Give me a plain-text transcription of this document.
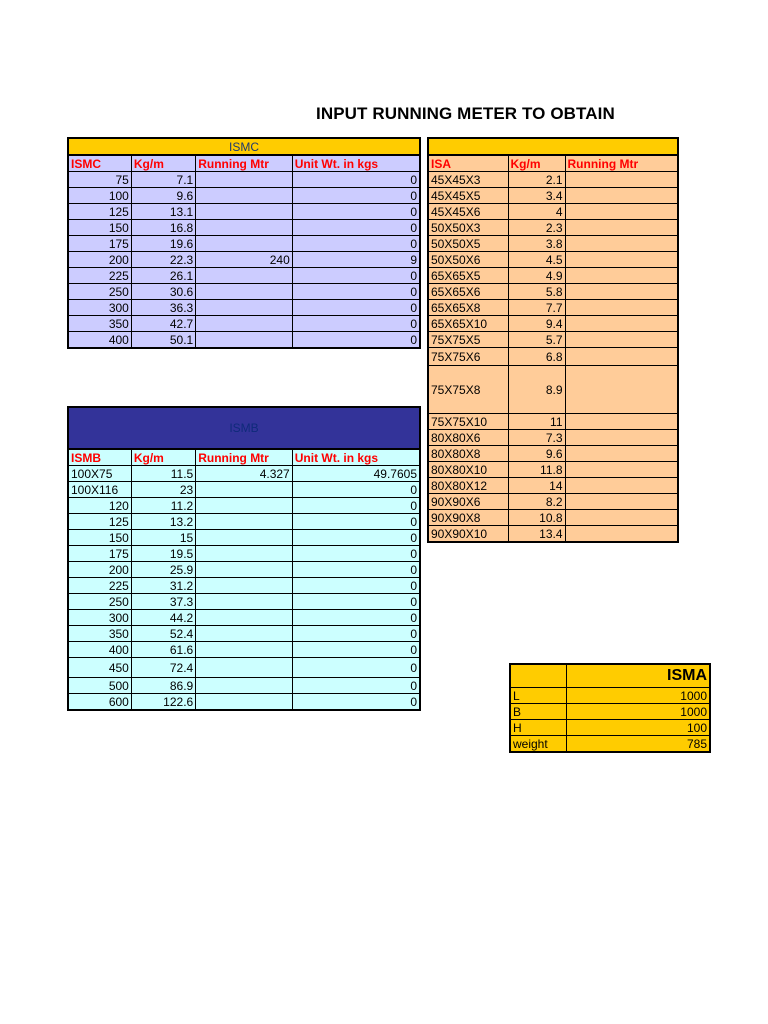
INPUT RUNNING METER TO OBTAIN
ISMC			
ISMC	Kg/m	Running Mtr	Unit Wt. in kgs
75	7.1		0
100	9.6		0
125	13.1		0
150	16.8		0
175	19.6		0
200	22.3	240	9
225	26.1		0
250	30.6		0
300	36.3		0
350	42.7		0
400	50.1		0
ISMB			
ISMB	Kg/m	Running Mtr	Unit Wt. in kgs
100X75	11.5	4.327	49.7605
100X116	23		0
120	11.2		0
125	13.2		0
150	15		0
175	19.5		0
200	25.9		0
225	31.2		0
250	37.3		0
300	44.2		0
350	52.4		0
400	61.6		0
450	72.4		0
500	86.9		0
600	122.6		0

ISA	Kg/m	Running Mtr
45X45X3	2.1	
45X45X5	3.4	
45X45X6	4	
50X50X3	2.3	
50X50X5	3.8	
50X50X6	4.5	
65X65X5	4.9	
65X65X6	5.8	
65X65X8	7.7	
65X65X10	9.4	
75X75X5	5.7	
75X75X6	6.8	
75X75X8	8.9	
75X75X10	11	
80X80X6	7.3	
80X80X8	9.6	
80X80X10	11.8	
80X80X12	14	
90X90X6	8.2	
90X90X8	10.8	
90X90X10	13.4	
	ISMA
L	1000
B	1000
H	100
weight	785
